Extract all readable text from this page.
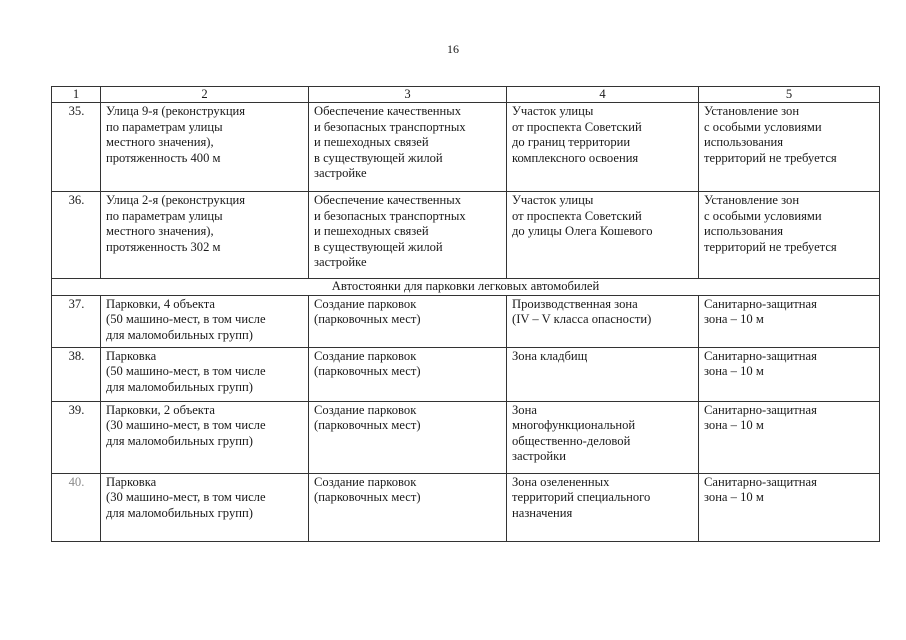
16
1	2	3	4	5
35.	Улица 9-я (реконструкция
по параметрам улицы
местного значения),
протяженность 400 м	Обеспечение качественных
и безопасных транспортных
и пешеходных связей
в существующей жилой
застройке	Участок улицы
от проспекта Советский
до границ территории
комплексного освоения	Установление зон
с особыми условиями
использования
территорий не требуется

36.	Улица 2-я (реконструкция
по параметрам улицы
местного значения),
протяженность 302 м	Обеспечение качественных
и безопасных транспортных
и пешеходных связей
в существующей жилой
застройке	Участок улицы
от проспекта Советский
до улицы Олега Кошевого	Установление зон
с особыми условиями
использования
территорий не требуется

Автостоянки для парковки легковых автомобилей				
37.	Парковки, 4 объекта
(50 машино-мест, в том числе
для маломобильных групп)	Создание парковок
(парковочных мест)	Производственная зона
(IV – V класса опасности)	Санитарно-защитная
зона – 10 м

38.	Парковка
(50 машино-мест, в том числе
для маломобильных групп)	Создание парковок
(парковочных мест)	Зона кладбищ	Санитарно-защитная
зона – 10 м

39.	Парковки, 2 объекта
(30 машино-мест, в том числе
для маломобильных групп)	Создание парковок
(парковочных мест)	Зона
многофункциональной
общественно-деловой
застройки	Санитарно-защитная
зона – 10 м

40.	Парковка
(30 машино-мест, в том числе
для маломобильных групп)	Создание парковок
(парковочных мест)	Зона озелененных
территорий специального
назначения	Санитарно-защитная
зона – 10 м
